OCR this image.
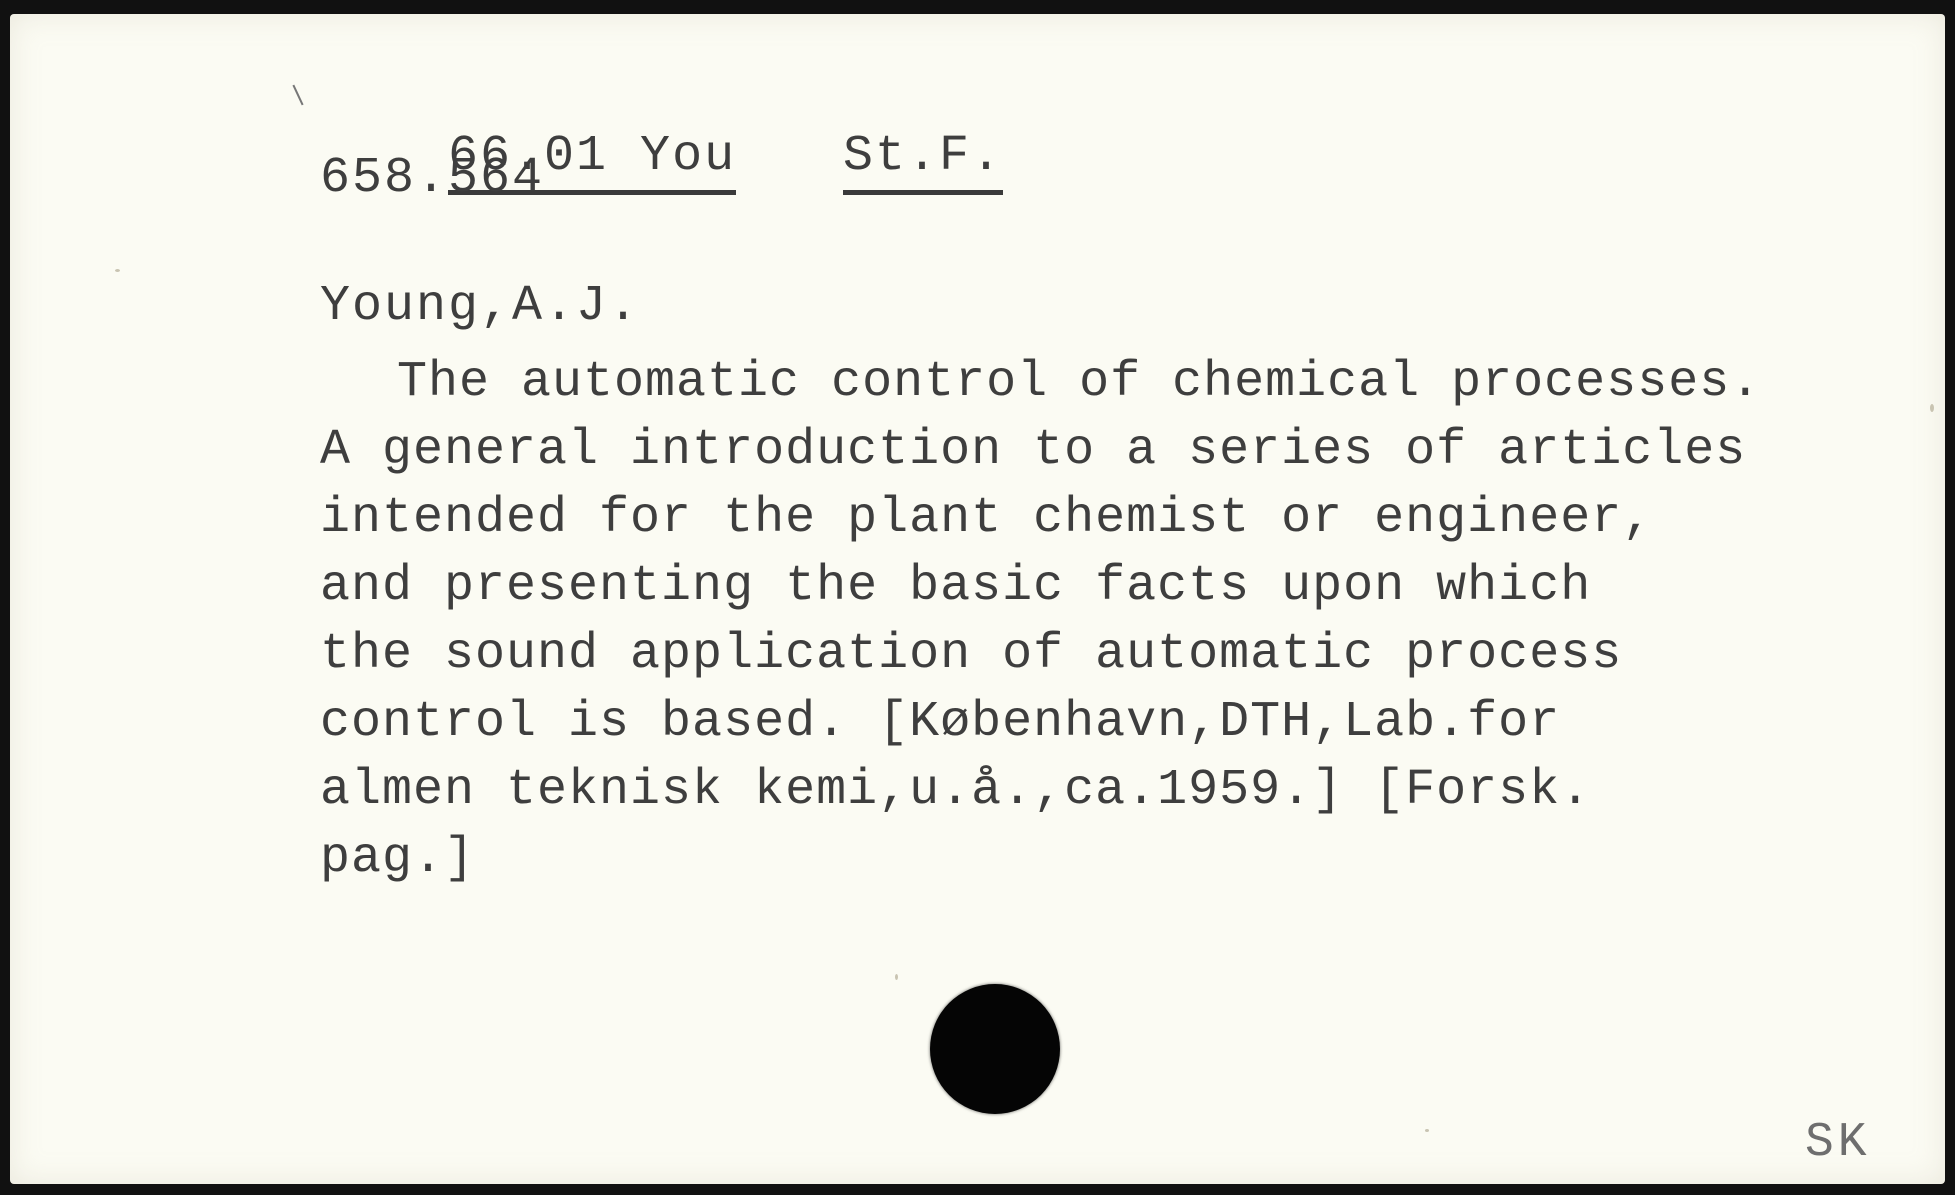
66.01 You
	St.F.

658.564
Young,A.J.
The automatic control of chemical processes.
A general introduction to a series of articles
intended for the plant chemist or engineer,
and presenting the basic facts upon which
the sound application of automatic process
control is based. [København,DTH,Lab.for
almen teknisk kemi,u.å.,ca.1959.] [Forsk.
pag.]
SK
